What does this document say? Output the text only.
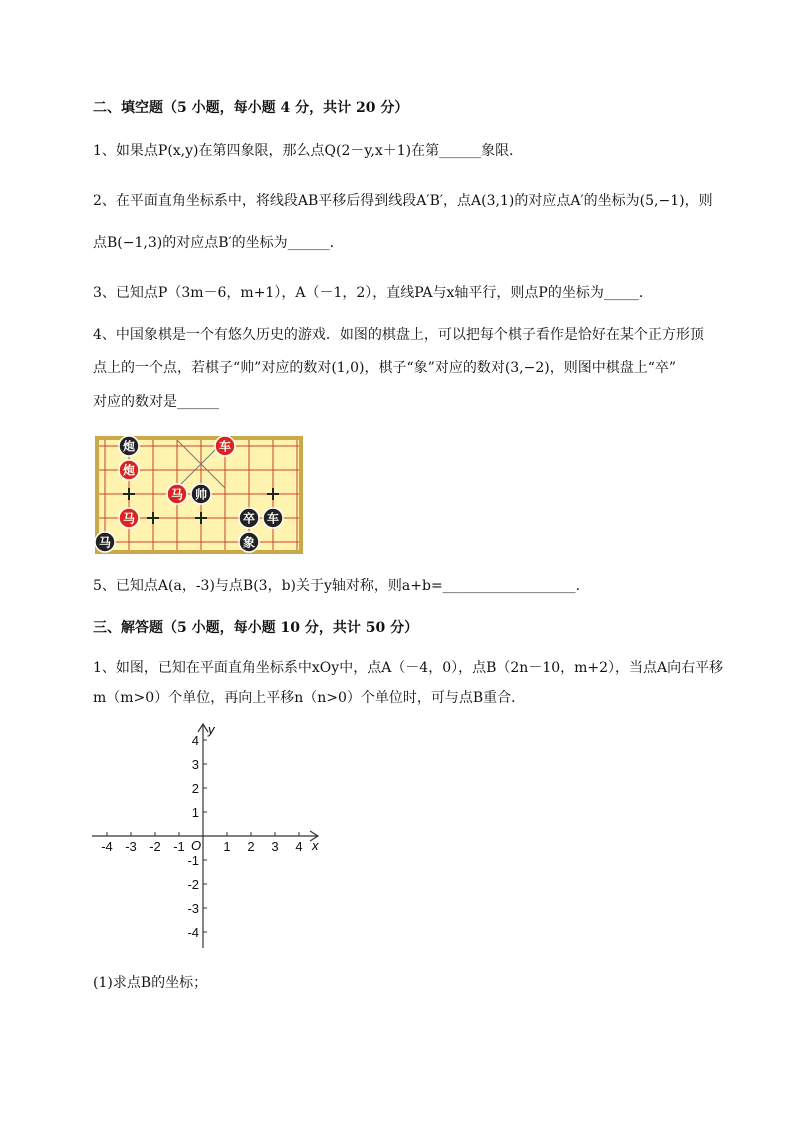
二、填空题（5 小题，每小题 4 分，共计 20 分）
1、如果点P(x,y)在第四象限，那么点Q(2－y,x＋1)在第______象限．
2、在平面直角坐标系中，将线段AB平移后得到线段A′B′，点A(3,1)的对应点A′的坐标为(5,−1)，则
点B(−1,3)的对应点B′的坐标为______．
3、已知点P（3m－6，m+1），A（－1，2），直线PA与x轴平行，则点P的坐标为_____．
4、中国象棋是一个有悠久历史的游戏．如图的棋盘上，可以把每个棋子看作是恰好在某个正方形顶
点上的一个点，若棋子“帅”对应的数对(1,0)，棋子“象”对应的数对(3,−2)，则图中棋盘上“卒”
对应的数对是______
炮	车
炮
马 帅
马	卒 车
马	象
5、已知点A(a，-3)与点B(3，b)关于y轴对称，则a+b=___________________.
三、解答题（5 小题，每小题 10 分，共计 50 分）
1、如图，已知在平面直角坐标系中xOy中，点A（－4，0），点B（2n－10，m+2），当点A向右平移
m（m>0）个单位，再向上平移n（n>0）个单位时，可与点B重合．
-4 -3 -2 -1	1 2 3 4
4
3
2
1
-1
-2
-3
-4
x
y
O
(1)求点B的坐标；
